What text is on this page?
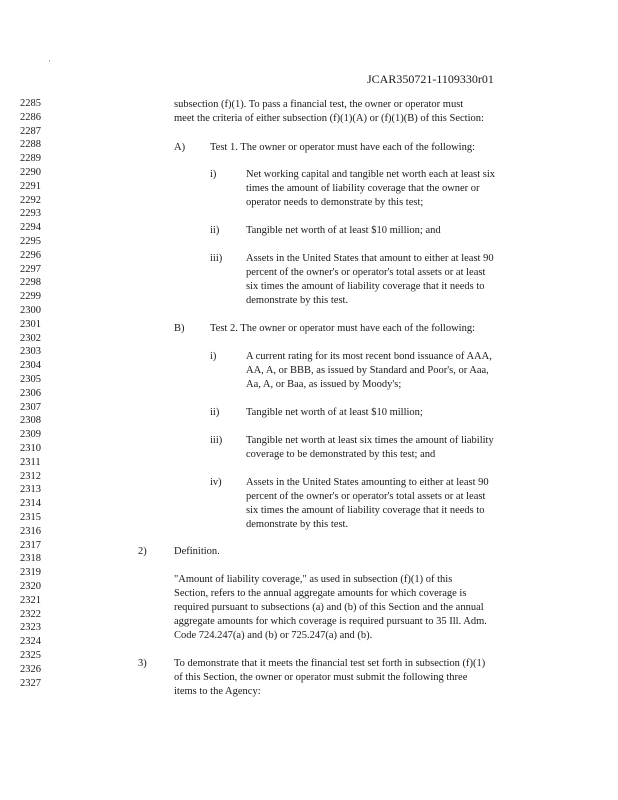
·
JCAR350721-1109330r01
2285
2286
2287
2288
2289
2290
2291
2292
2293
2294
2295
2296
2297
2298
2299
2300
2301
2302
2303
2304
2305
2306
2307
2308
2309
2310
2311
2312
2313
2314
2315
2316
2317
2318
2319
2320
2321
2322
2323
2324
2325
2326
2327
subsection (f)(1). To pass a financial test, the owner or operator must
meet the criteria of either subsection (f)(1)(A) or (f)(1)(B) of this Section:
A) Test 1. The owner or operator must have each of the following:
i)	Net working capital and tangible net worth each at least six
times the amount of liability coverage that the owner or
operator needs to demonstrate by this test;
ii)	Tangible net worth of at least $10 million; and
iii) Assets in the United States that amount to either at least 90
percent of the owner's or operator's total assets or at least
six times the amount of liability coverage that it needs to
demonstrate by this test.
B) Test 2. The owner or operator must have each of the following:
i)	A current rating for its most recent bond issuance of AAA,
AA, A, or BBB, as issued by Standard and Poor's, or Aaa,
Aa, A, or Baa, as issued by Moody's;
ii)	Tangible net worth of at least $10 million;
iii) Tangible net worth at least six times the amount of liability
coverage to be demonstrated by this test; and
iv) Assets in the United States amounting to either at least 90
percent of the owner's or operator's total assets or at least
six times the amount of liability coverage that it needs to
demonstrate by this test.
2)	Definition.
"Amount of liability coverage," as used in subsection (f)(1) of this
Section, refers to the annual aggregate amounts for which coverage is
required pursuant to subsections (a) and (b) of this Section and the annual
aggregate amounts for which coverage is required pursuant to 35 Ill. Adm.
Code 724.247(a) and (b) or 725.247(a) and (b).
3)	To demonstrate that it meets the financial test set forth in subsection (f)(1)
of this Section, the owner or operator must submit the following three
items to the Agency:
